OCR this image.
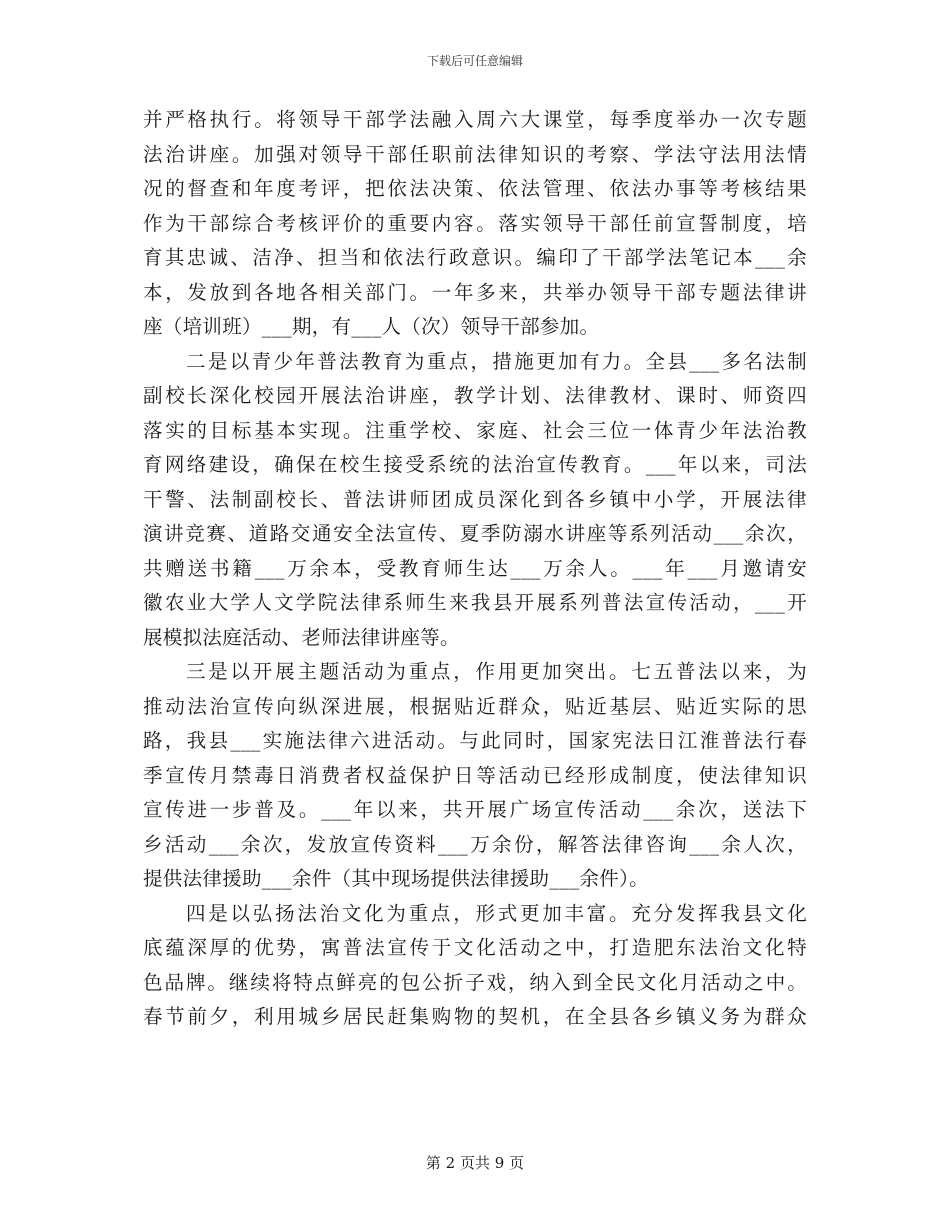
下载后可任意编辑
并严格执行。将领导干部学法融入周六大课堂，每季度举办一次专题
法治讲座。加强对领导干部任职前法律知识的考察、学法守法用法情
况的督查和年度考评，把依法决策、依法管理、依法办事等考核结果
作为干部综合考核评价的重要内容。落实领导干部任前宣誓制度，培
育其忠诚、洁净、担当和依法行政意识。编印了干部学法笔记本___余
本，发放到各地各相关部门。一年多来，共举办领导干部专题法律讲
座（培训班）___期，有___人（次）领导干部参加。
二是以青少年普法教育为重点，措施更加有力。全县___多名法制
副校长深化校园开展法治讲座，教学计划、法律教材、课时、师资四
落实的目标基本实现。注重学校、家庭、社会三位一体青少年法治教
育网络建设，确保在校生接受系统的法治宣传教育。___年以来，司法
干警、法制副校长、普法讲师团成员深化到各乡镇中小学，开展法律
演讲竞赛、道路交通安全法宣传、夏季防溺水讲座等系列活动___余次，
共赠送书籍___万余本，受教育师生达___万余人。___年___月邀请安
徽农业大学人文学院法律系师生来我县开展系列普法宣传活动，___开
展模拟法庭活动、老师法律讲座等。
三是以开展主题活动为重点，作用更加突出。七五普法以来，为
推动法治宣传向纵深进展，根据贴近群众，贴近基层、贴近实际的思
路，我县___实施法律六进活动。与此同时，国家宪法日江淮普法行春
季宣传月禁毒日消费者权益保护日等活动已经形成制度，使法律知识
宣传进一步普及。___年以来，共开展广场宣传活动___余次，送法下
乡活动___余次，发放宣传资料___万余份，解答法律咨询___余人次，
提供法律援助___余件（其中现场提供法律援助___余件）。
四是以弘扬法治文化为重点，形式更加丰富。充分发挥我县文化
底蕴深厚的优势，寓普法宣传于文化活动之中，打造肥东法治文化特
色品牌。继续将特点鲜亮的包公折子戏，纳入到全民文化月活动之中。
春节前夕，利用城乡居民赶集购物的契机，在全县各乡镇义务为群众
第 2 页共 9 页
